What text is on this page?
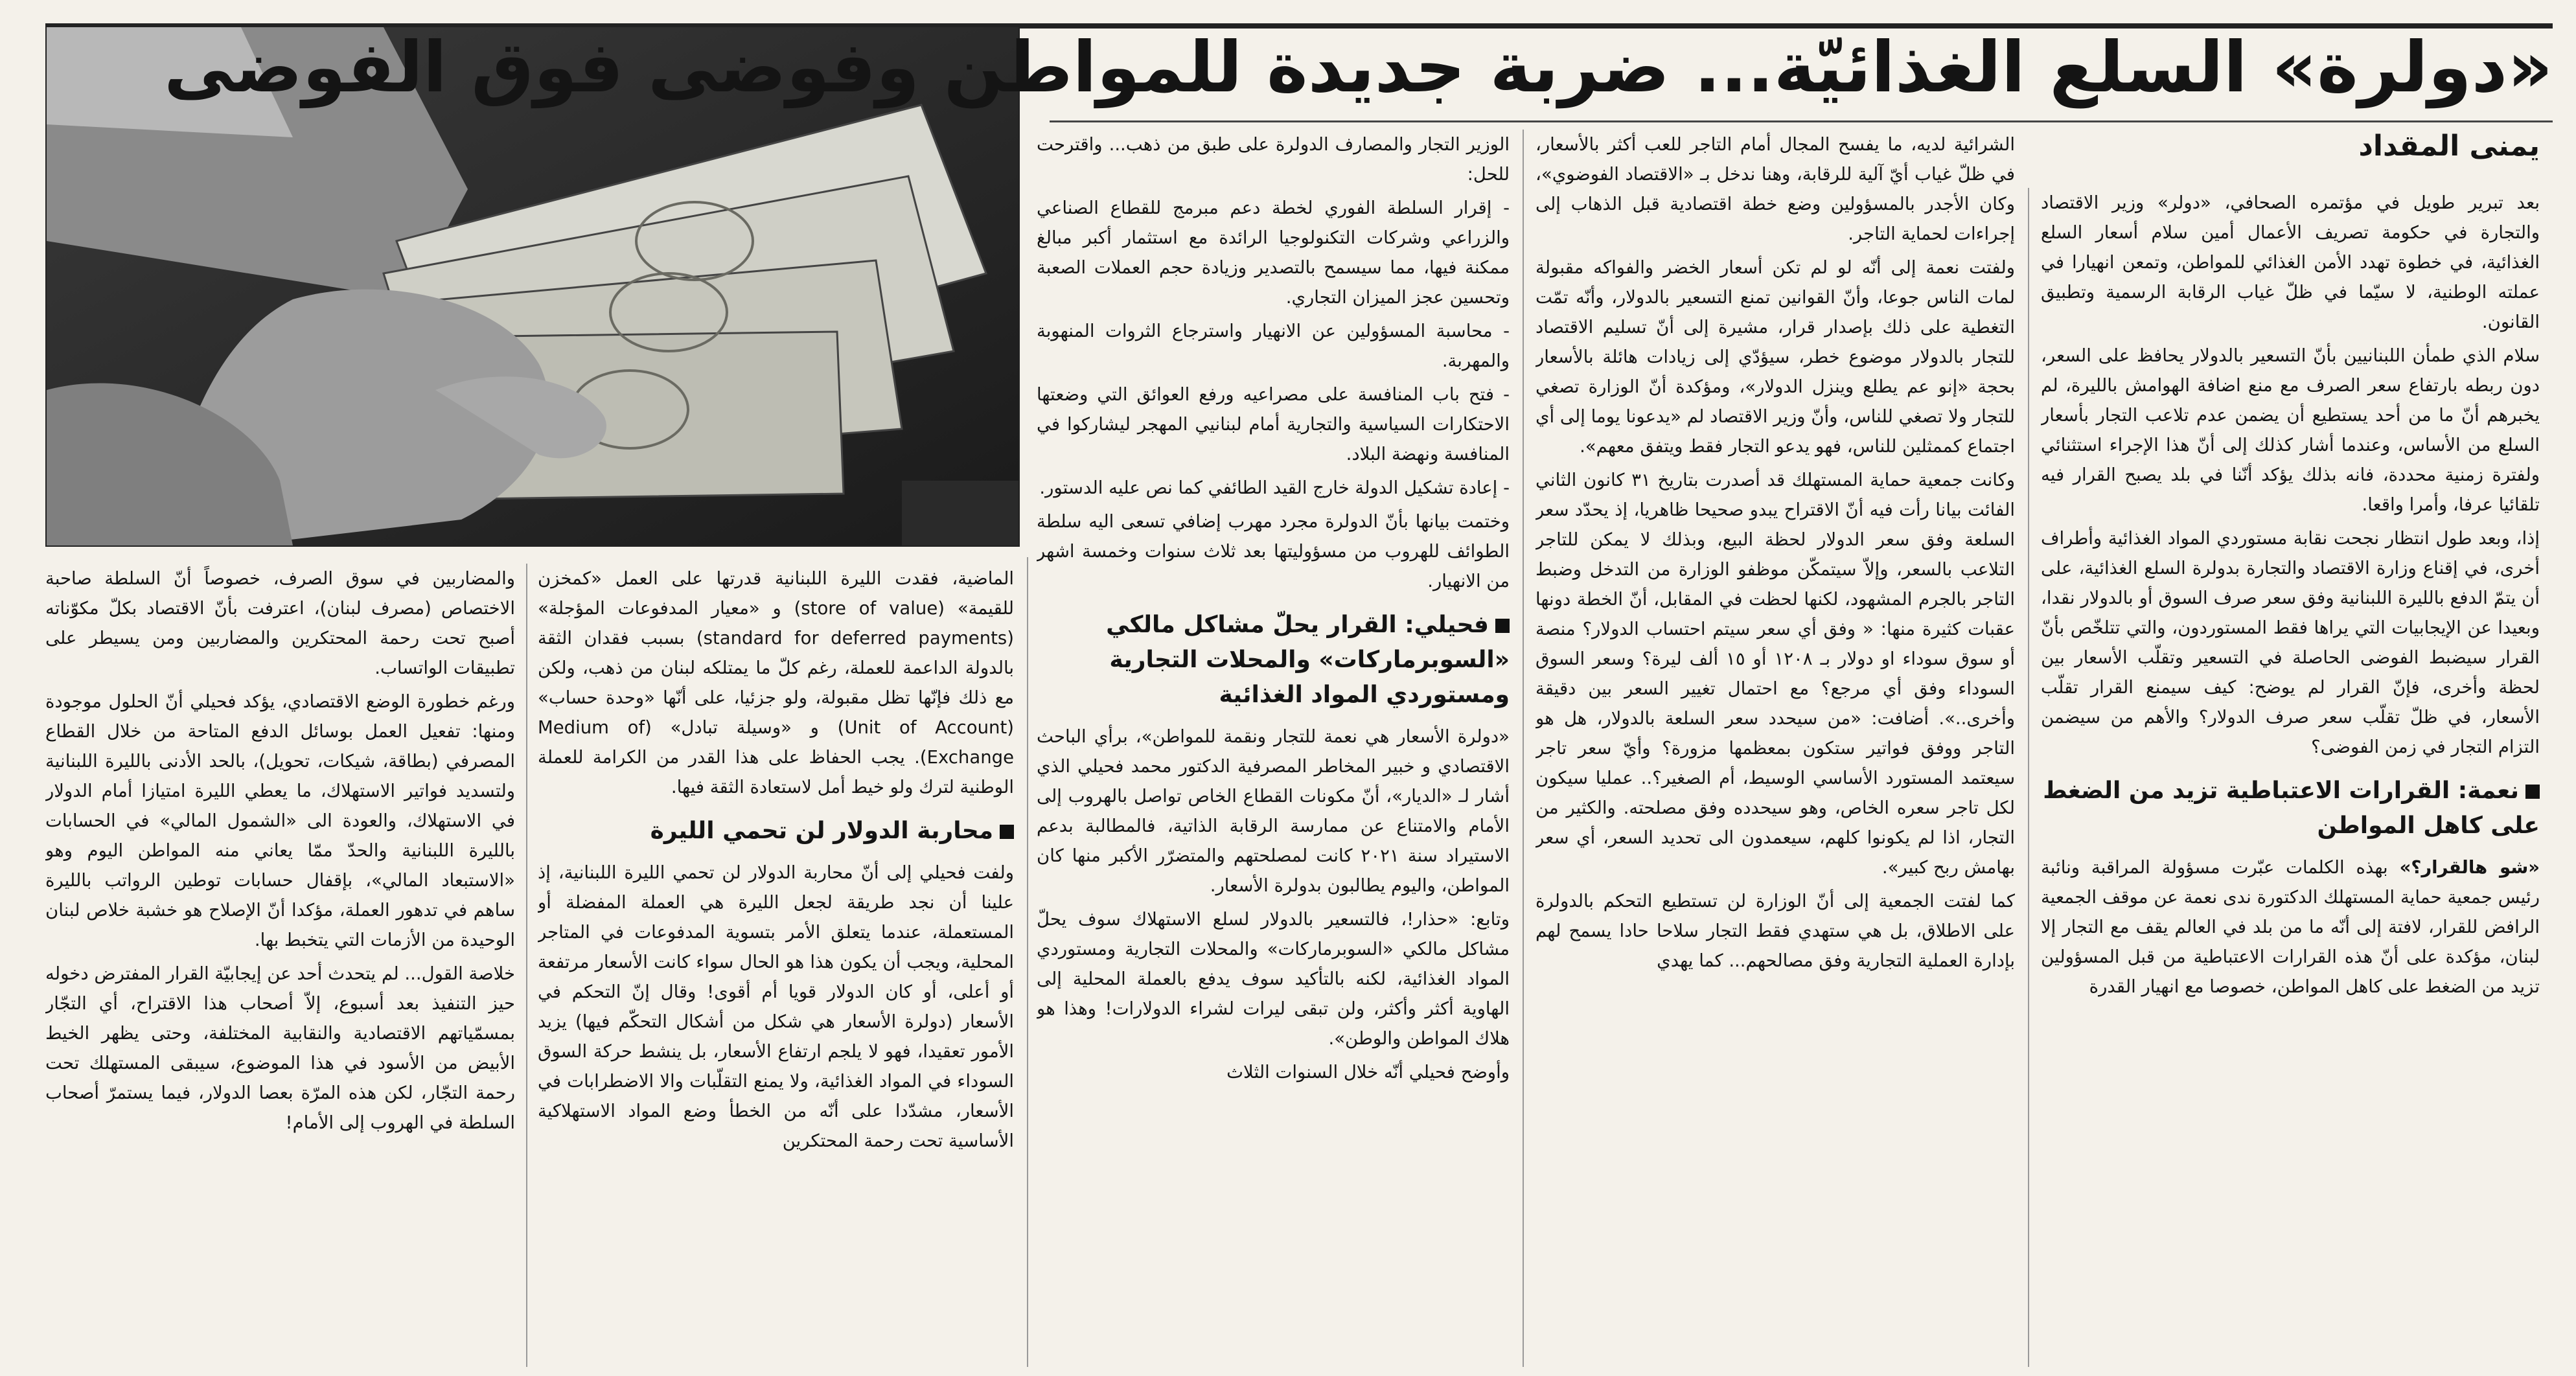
«دولرة» السلع الغذائيّة... ضربة جديدة للمواطن وفوضى فوق الفوضى
يمنى المقداد

بعد تبرير طويل في مؤتمره الصحافي، «دولر» وزير الاقتصاد والتجارة في حكومة تصريف الأعمال أمين سلام أسعار السلع الغذائية، في خطوة تهدد الأمن الغذائي للمواطن، وتمعن انهيارا في عملته الوطنية، لا سيّما في ظلّ غياب الرقابة الرسمية وتطبيق القانون.

سلام الذي طمأن اللبنانيين بأنّ التسعير بالدولار يحافظ على السعر، دون ربطه بارتفاع سعر الصرف مع منع اضافة الهوامش بالليرة، لم يخبرهم أنّ ما من أحد يستطيع أن يضمن عدم تلاعب التجار بأسعار السلع من الأساس، وعندما أشار كذلك إلى أنّ هذا الإجراء استثنائي ولفترة زمنية محددة، فانه بذلك يؤكد أنّنا في بلد يصبح القرار فيه تلقائيا عرفا، وأمرا واقعا.

إذا، وبعد طول انتظار نجحت نقابة مستوردي المواد الغذائية وأطراف أخرى، في إقناع وزارة الاقتصاد والتجارة بدولرة السلع الغذائية، على أن يتمّ الدفع بالليرة اللبنانية وفق سعر صرف السوق أو بالدولار نقدا، وبعيدا عن الإيجابيات التي يراها فقط المستوردون، والتي تتلخّص بأنّ القرار سيضبط الفوضى الحاصلة في التسعير وتقلّب الأسعار بين لحظة وأخرى، فإنّ القرار لم يوضح: كيف سيمنع القرار تقلّب الأسعار، في ظلّ تقلّب سعر صرف الدولار؟ والأهم من سيضمن التزام التجار في زمن الفوضى؟

نعمة: القرارات الاعتباطية تزيد من الضغط على كاهل المواطن

«شو هالقرار؟» بهذه الكلمات عبّرت مسؤولة المراقبة ونائبة رئيس جمعية حماية المستهلك الدكتورة ندى نعمة عن موقف الجمعية الرافض للقرار، لافتة إلى أنّه ما من بلد في العالم يقف مع التجار إلا لبنان، مؤكدة على أنّ هذه القرارات الاعتباطية من قبل المسؤولين تزيد من الضغط على كاهل المواطن، خصوصا مع انهيار القدرة

الشرائية لديه، ما يفسح المجال أمام التاجر للعب أكثر بالأسعار، في ظلّ غياب أيّ آلية للرقابة، وهنا ندخل بـ «الاقتصاد الفوضوي»، وكان الأجدر بالمسؤولين وضع خطة اقتصادية قبل الذهاب إلى إجراءات لحماية التاجر.

ولفتت نعمة إلى أنّه لو لم تكن أسعار الخضر والفواكه مقبولة لمات الناس جوعا، وأنّ القوانين تمنع التسعير بالدولار، وأنّه تمّت التغطية على ذلك بإصدار قرار، مشيرة إلى أنّ تسليم الاقتصاد للتجار بالدولار موضوع خطر، سيؤدّي إلى زيادات هائلة بالأسعار بحجة «إنو عم يطلع وينزل الدولار»، ومؤكدة أنّ الوزارة تصغي للتجار ولا تصغي للناس، وأنّ وزير الاقتصاد لم «يدعونا يوما إلى أي اجتماع كممثلين للناس، فهو يدعو التجار فقط ويتفق معهم».

وكانت جمعية حماية المستهلك قد أصدرت بتاريخ ٣١ كانون الثاني الفائت بيانا رأت فيه أنّ الاقتراح يبدو صحيحا ظاهريا، إذ يحدّد سعر السلعة وفق سعر الدولار لحظة البيع، وبذلك لا يمكن للتاجر التلاعب بالسعر، وإلاّ سيتمكّن موظفو الوزارة من التدخل وضبط التاجر بالجرم المشهود، لكنها لحظت في المقابل، أنّ الخطة دونها عقبات كثيرة منها: « وفق أي سعر سيتم احتساب الدولار؟ منصة أو سوق سوداء او دولار بـ ١٢٠٨ أو ١٥ ألف ليرة؟ وسعر السوق السوداء وفق أي مرجع؟ مع احتمال تغيير السعر بين دقيقة وأخرى..». أضافت: «من سيحدد سعر السلعة بالدولار، هل هو التاجر ووفق فواتير ستكون بمعظمها مزورة؟ وأيّ سعر تاجر سيعتمد المستورد الأساسي الوسيط، أم الصغير؟.. عمليا سيكون لكل تاجر سعره الخاص، وهو سيحدده وفق مصلحته. والكثير من التجار، اذا لم يكونوا كلهم، سيعمدون الى تحديد السعر، أي سعر بهامش ربح كبير».

كما لفتت الجمعية إلى أنّ الوزارة لن تستطيع التحكم بالدولرة على الاطلاق، بل هي ستهدي فقط التجار سلاحا حادا يسمح لهم بإدارة العملية التجارية وفق مصالحهم... كما يهدي

الوزير التجار والمصارف الدولرة على طبق من ذهب... واقترحت للحل:

- إقرار السلطة الفوري لخطة دعم مبرمج للقطاع الصناعي والزراعي وشركات التكنولوجيا الرائدة مع استثمار أكبر مبالغ ممكنة فيها، مما سيسمح بالتصدير وزيادة حجم العملات الصعبة وتحسين عجز الميزان التجاري.

- محاسبة المسؤولين عن الانهيار واسترجاع الثروات المنهوبة والمهربة.

- فتح باب المنافسة على مصراعيه ورفع العوائق التي وضعتها الاحتكارات السياسية والتجارية أمام لبنانيي المهجر ليشاركوا في المنافسة ونهضة البلاد.

- إعادة تشكيل الدولة خارج القيد الطائفي كما نص عليه الدستور.

وختمت بيانها بأنّ الدولرة مجرد مهرب إضافي تسعى اليه سلطة الطوائف للهروب من مسؤوليتها بعد ثلاث سنوات وخمسة اشهر من الانهيار.

فحيلي: القرار يحلّ مشاكل مالكي «السوبرماركات» والمحلات التجارية ومستوردي المواد الغذائية

«دولرة الأسعار هي نعمة للتجار ونقمة للمواطن»، برأي الباحث الاقتصادي و خبير المخاطر المصرفية الدكتور محمد فحيلي الذي أشار لـ «الديار»، أنّ مكونات القطاع الخاص تواصل بالهروب إلى الأمام والامتناع عن ممارسة الرقابة الذاتية، فالمطالبة بدعم الاستيراد سنة ٢٠٢١ كانت لمصلحتهم والمتضرّر الأكبر منها كان المواطن، واليوم يطالبون بدولرة الأسعار.

وتابع: «حذار!، فالتسعير بالدولار لسلع الاستهلاك سوف يحلّ مشاكل مالكي «السوبرماركات» والمحلات التجارية ومستوردي المواد الغذائية، لكنه بالتأكيد سوف يدفع بالعملة المحلية إلى الهاوية أكثر وأكثر، ولن تبقى ليرات لشراء الدولارات! وهذا هو هلاك المواطن والوطن».

وأوضح فحيلي أنّه خلال السنوات الثلاث

الماضية، فقدت الليرة اللبنانية قدرتها على العمل «كمخزن للقيمة» (store of value) و «معيار المدفوعات المؤجلة» (standard for deferred payments) بسبب فقدان الثقة بالدولة الداعمة للعملة، رغم كلّ ما يمتلكه لبنان من ذهب، ولكن مع ذلك فإنّها تظل مقبولة، ولو جزئيا، على أنّها «وحدة حساب» (Unit of Account) و «وسيلة تبادل» (Medium of Exchange). يجب الحفاظ على هذا القدر من الكرامة للعملة الوطنية لترك ولو خيط أمل لاستعادة الثقة فيها.

محاربة الدولار لن تحمي الليرة

ولفت فحيلي إلى أنّ محاربة الدولار لن تحمي الليرة اللبنانية، إذ علينا أن نجد طريقة لجعل الليرة هي العملة المفضلة أو المستعملة، عندما يتعلق الأمر بتسوية المدفوعات في المتاجر المحلية، ويجب أن يكون هذا هو الحال سواء كانت الأسعار مرتفعة أو أعلى، أو كان الدولار قويا أم أقوى! وقال إنّ التحكم في الأسعار (دولرة الأسعار هي شكل من أشكال التحكّم فيها) يزيد الأمور تعقيدا، فهو لا يلجم ارتفاع الأسعار، بل ينشط حركة السوق السوداء في المواد الغذائية، ولا يمنع التقلّبات والا الاضطرابات في الأسعار، مشدّدا على أنّه من الخطأ وضع المواد الاستهلاكية الأساسية تحت رحمة المحتكرين

والمضاربين في سوق الصرف، خصوصاً أنّ السلطة صاحبة الاختصاص (مصرف لبنان)، اعترفت بأنّ الاقتصاد بكلّ مكوّناته أصبح تحت رحمة المحتكرين والمضاربين ومن يسيطر على تطبيقات الواتساب.

ورغم خطورة الوضع الاقتصادي، يؤكد فحيلي أنّ الحلول موجودة ومنها: تفعيل العمل بوسائل الدفع المتاحة من خلال القطاع المصرفي (بطاقة، شيكات، تحويل)، بالحد الأدنى بالليرة اللبنانية ولتسديد فواتير الاستهلاك، ما يعطي الليرة امتيازا أمام الدولار في الاستهلاك، والعودة الى «الشمول المالي» في الحسابات بالليرة اللبنانية والحدّ ممّا يعاني منه المواطن اليوم وهو «الاستبعاد المالي»، بإقفال حسابات توطين الرواتب بالليرة ساهم في تدهور العملة، مؤكدا أنّ الإصلاح هو خشبة خلاص لبنان الوحيدة من الأزمات التي يتخبط بها.

خلاصة القول... لم يتحدث أحد عن إيجابيّة القرار المفترض دخوله حيز التنفيذ بعد أسبوع، إلاّ أصحاب هذا الاقتراح، أي التجّار بمسمّياتهم الاقتصادية والنقابية المختلفة، وحتى يظهر الخيط الأبيض من الأسود في هذا الموضوع، سيبقى المستهلك تحت رحمة التجّار، لكن هذه المرّة بعصا الدولار، فيما يستمرّ أصحاب السلطة في الهروب إلى الأمام!
